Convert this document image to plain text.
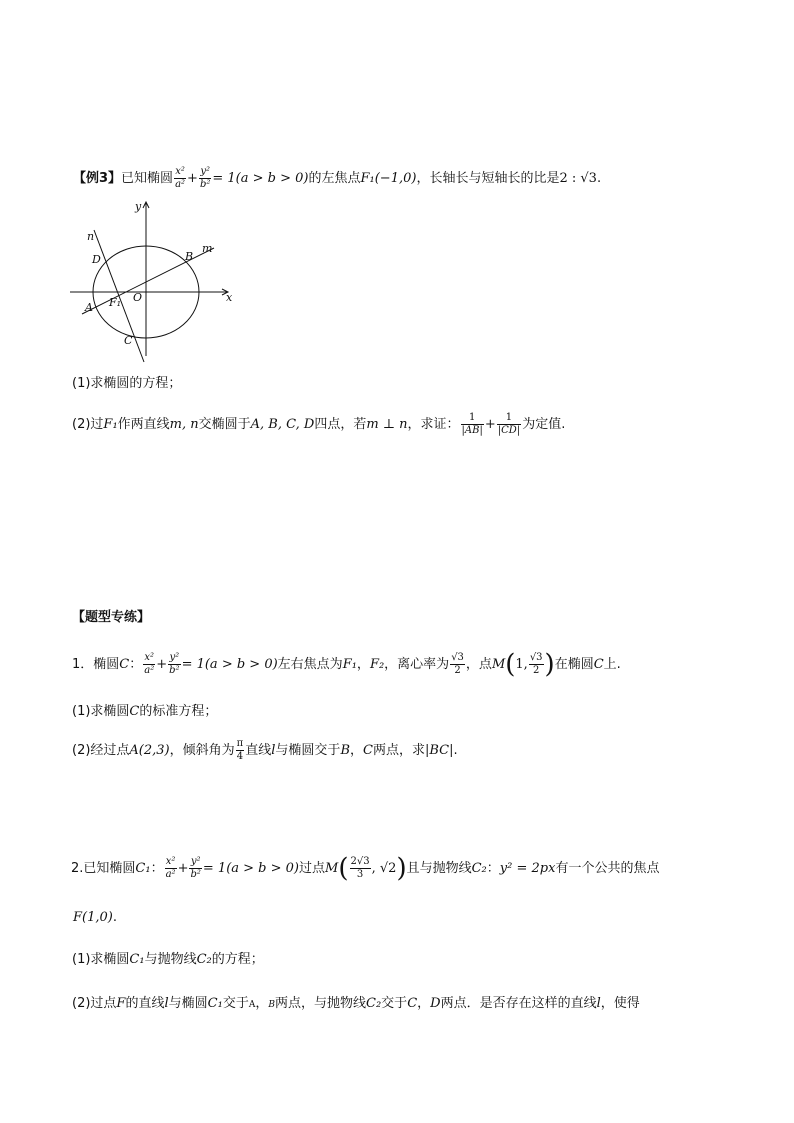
【例3】已知椭圆 $\frac{\text{x²}}{\text{a²}} + \frac{\text{y²}}{\text{b²}} = 1(a > b > 0)$的左焦点F₁(−1,0)，长轴长与短轴长的比是2 : √3.
y
x
n
m
D	B
A
C
O
F₁
(1)求椭圆的方程；
(2)过F₁作两直线m, n交椭圆于A, B, C, D四点，若m ⊥ n，求证： $\frac{1}{|AB|} + \frac{1}{|CD|}$ 为定值.
【题型专练】
1．椭圆C： $\frac{\text{x²}}{\text{a²}} + \frac{\text{y²}}{\text{b²}} = 1(a > b > 0)$左右焦点为F₁，F₂，离心率为 $\frac{√3}{2}$ ，点M(1, $\frac{√3}{2}$ )在椭圆C上.
(1)求椭圆C的标准方程；
(2)经过点A(2,3)，倾斜角为 $\frac{\pi}{4}$ 直线l与椭圆交于B，C两点，求|BC|.
2.已知椭圆C₁： $\frac{\text{x²}}{\text{a²}} + \frac{\text{y²}}{\text{b²}} = 1(a > b > 0)$过点$M( \frac{2√3}{3}$ , √2)且与抛物线C₂：y² = 2px有一个公共的焦点
F(1,0).
(1)求椭圆C₁与抛物线C₂的方程；
(2)过点F的直线l与椭圆C₁交于A，B两点，与抛物线C₂交于C，D两点．是否存在这样的直线l，使得
